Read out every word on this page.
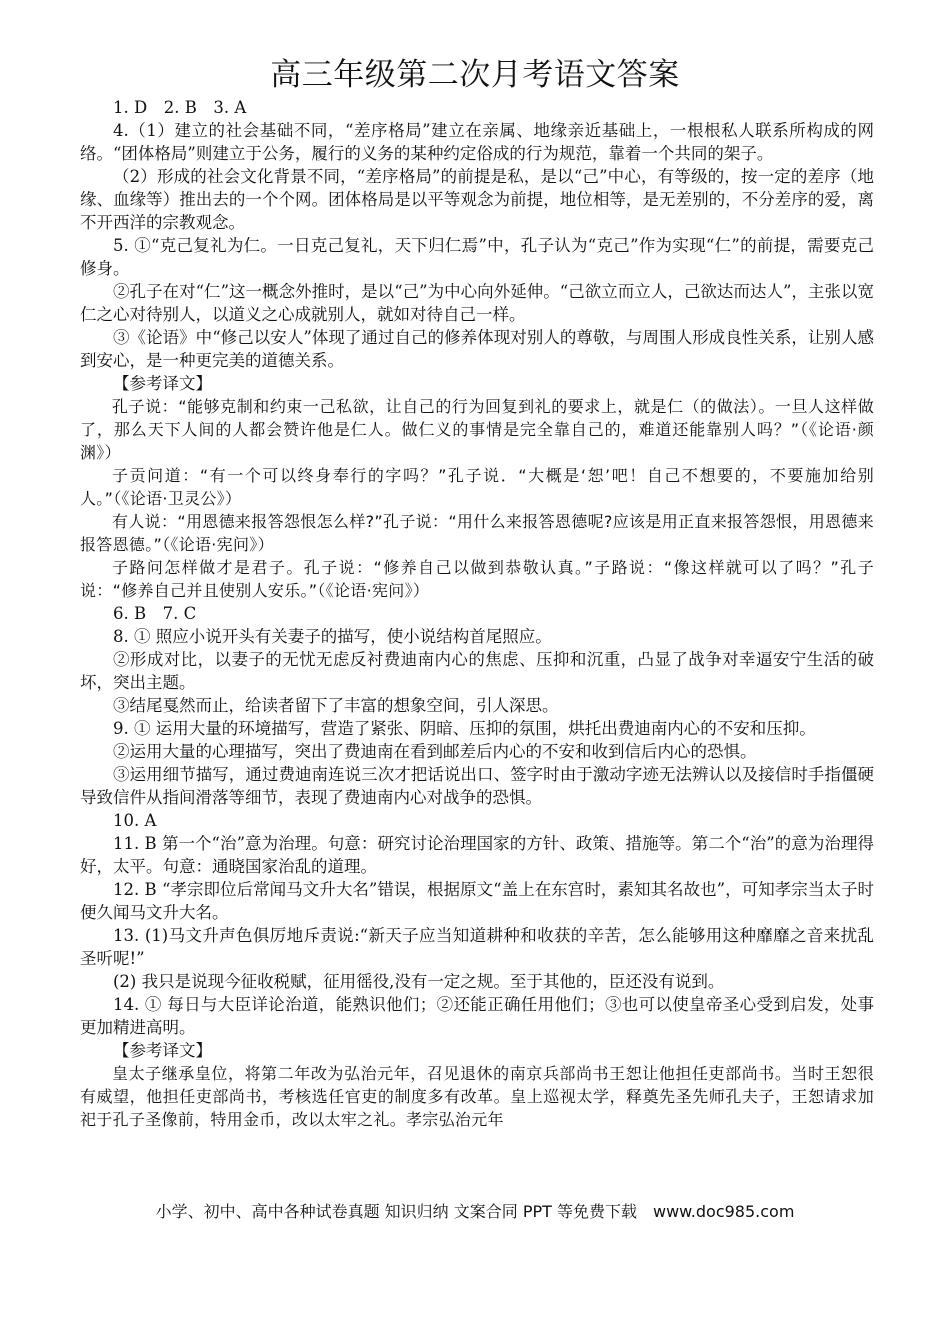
高三年级第二次月考语文答案

1. D　2. B　3. A

4.（1）建立的社会基础不同，“差序格局”建立在亲属、地缘亲近基础上，一根根私人联系所构成的网络。“团体格局”则建立于公务，履行的义务的某种约定俗成的行为规范，靠着一个共同的架子。

（2）形成的社会文化背景不同，“差序格局”的前提是私，是以“己”中心，有等级的，按一定的差序（地缘、血缘等）推出去的一个个网。团体格局是以平等观念为前提，地位相等，是无差别的，不分差序的爱，离不开西洋的宗教观念。

5. ①“克己复礼为仁。一日克己复礼，天下归仁焉”中，孔子认为“克己”作为实现“仁”的前提，需要克己修身。

②孔子在对“仁”这一概念外推时，是以“己”为中心向外延伸。“己欲立而立人，己欲达而达人”，主张以宽仁之心对待别人，以道义之心成就别人，就如对待自己一样。

③《论语》中“修己以安人”体现了通过自己的修养体现对别人的尊敬，与周围人形成良性关系，让别人感到安心，是一种更完美的道德关系。

【参考译文】

孔子说：“能够克制和约束一己私欲，让自己的行为回复到礼的要求上，就是仁（的做法）。一旦人这样做了，那么天下人间的人都会赞许他是仁人。做仁义的事情是完全靠自己的，难道还能靠别人吗？”（《论语·颜渊》）

子贡问道：“有一个可以终身奉行的字吗？”孔子说．“大概是‘恕’吧！自己不想要的，不要施加给别人。”（《论语·卫灵公》）

有人说：“用恩德来报答怨恨怎么样?”孔子说：“用什么来报答恩德呢?应该是用正直来报答怨恨，用恩德来报答恩德。”（《论语·宪问》）

子路问怎样做才是君子。孔子说：“修养自己以做到恭敬认真。”子路说：“像这样就可以了吗？”孔子说：“修养自己并且使别人安乐。”（《论语·宪问》）

6. B　7. C

8. ① 照应小说开头有关妻子的描写，使小说结构首尾照应。

②形成对比，以妻子的无忧无虑反衬费迪南内心的焦虑、压抑和沉重，凸显了战争对幸逼安宁生活的破坏，突出主题。

③结尾戛然而止，给读者留下了丰富的想象空间，引人深思。

9. ① 运用大量的环境描写，营造了紧张、阴暗、压抑的氛围，烘托出费迪南内心的不安和压抑。

②运用大量的心理描写，突出了费迪南在看到邮差后内心的不安和收到信后内心的恐惧。

③运用细节描写，通过费迪南连说三次才把话说出口、签字时由于激动字迹无法辨认以及接信时手指僵硬导致信件从指间滑落等细节，表现了费迪南内心对战争的恐惧。

10. A

11. B 第一个“治”意为治理。句意：研究讨论治理国家的方针、政策、措施等。第二个“治”的意为治理得好，太平。句意：通晓国家治乱的道理。

12. B “孝宗即位后常闻马文升大名”错误，根据原文“盖上在东宫时，素知其名故也”，可知孝宗当太子时便久闻马文升大名。

13. (1)马文升声色俱厉地斥责说:“新天子应当知道耕种和收获的辛苦，怎么能够用这种靡靡之音来扰乱圣听呢!”

(2) 我只是说现今征收税赋，征用徭役,没有一定之规。至于其他的，臣还没有说到。

14. ① 每日与大臣详论治道，能熟识他们；②还能正确任用他们；③也可以使皇帝圣心受到启发，处事更加精进高明。

【参考译文】

皇太子继承皇位，将第二年改为弘治元年，召见退休的南京兵部尚书王恕让他担任吏部尚书。当时王恕很有威望，他担任吏部尚书，考核选任官吏的制度多有改革。皇上巡视太学，释奠先圣先师孔夫子，王恕请求加祀于孔子圣像前，特用金币，改以太牢之礼。孝宗弘治元年

小学、初中、高中各种试卷真题 知识归纳 文案合同 PPT 等免费下载　www.doc985.com
